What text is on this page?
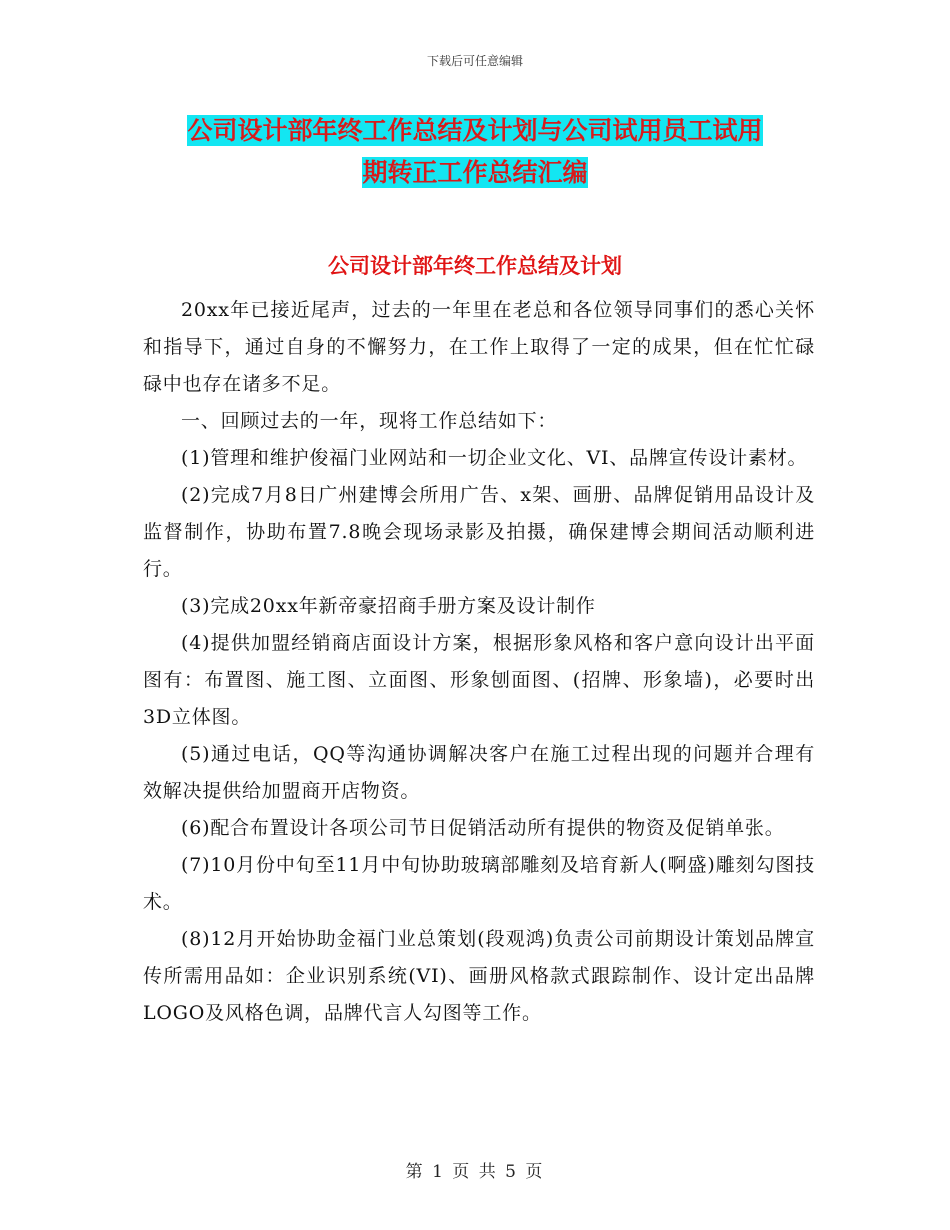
下载后可任意编辑
公司设计部年终工作总结及计划与公司试用员工试用
期转正工作总结汇编
公司设计部年终工作总结及计划

20xx年已接近尾声，过去的一年里在老总和各位领导同事们的悉心关怀和指导下，通过自身的不懈努力，在工作上取得了一定的成果，但在忙忙碌碌中也存在诸多不足。

一、回顾过去的一年，现将工作总结如下：

(1)管理和维护俊福门业网站和一切企业文化、VI、品牌宣传设计素材。

(2)完成7月8日广州建博会所用广告、x架、画册、品牌促销用品设计及监督制作，协助布置7.8晚会现场录影及拍摄，确保建博会期间活动顺利进行。

(3)完成20xx年新帝豪招商手册方案及设计制作

(4)提供加盟经销商店面设计方案，根据形象风格和客户意向设计出平面图有：布置图、施工图、立面图、形象刨面图、(招牌、形象墙)，必要时出3D立体图。

(5)通过电话，QQ等沟通协调解决客户在施工过程出现的问题并合理有效解决提供给加盟商开店物资。

(6)配合布置设计各项公司节日促销活动所有提供的物资及促销单张。

(7)10月份中旬至11月中旬协助玻璃部雕刻及培育新人(啊盛)雕刻勾图技术。

(8)12月开始协助金福门业总策划(段观鸿)负责公司前期设计策划品牌宣传所需用品如：企业识别系统(VI)、画册风格款式跟踪制作、设计定出品牌LOGO及风格色调，品牌代言人勾图等工作。

第 1 页 共 5 页
